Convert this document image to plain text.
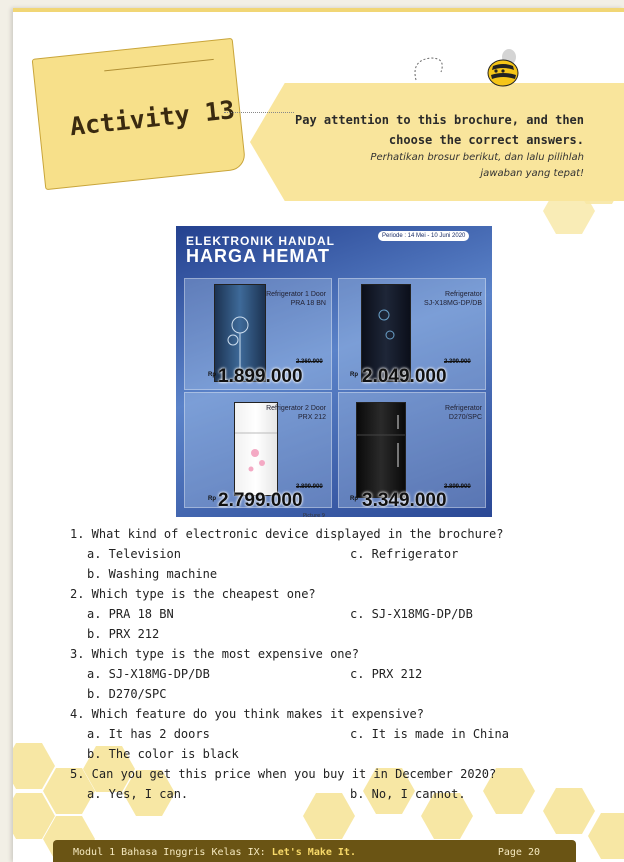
Activity 13	Pay attention to this brochure, and then
choose the correct answers.
Perhatikan brosur berikut, dan lalu pilihlah
jawaban yang tepat!
ELEKTRONIK HANDAL
HARGA HEMAT
Periode : 14 Mei - 10 Juni 2020
Refrigerator 1 Door
PRA 18 BN
2.360.900
Rp 1.899.000
Refrigerator
SJ-X18MG-DP/DB
2.399.900
Rp 2.049.000
Refrigerator 2 Door
PRX 212
3.899.900
Rp 2.799.000
Refrigerator
D270/SPC
3.899.900
Rp 3.349.000
Picture 9
1. What kind of electronic device displayed in the brochure?
a. Television	c. Refrigerator
b. Washing machine
2. Which type is the cheapest one?
a. PRA 18 BN	c. SJ-X18MG-DP/DB
b. PRX 212
3. Which type is the most expensive one?
a. SJ-X18MG-DP/DB	c. PRX 212
b. D270/SPC
4. Which feature do you think makes it expensive?
a. It has 2 doors	c. It is made in China
b. The color is black
5. Can you get this price when you buy it in December 2020?
a. Yes, I can.	b. No, I cannot.
Modul 1 Bahasa Inggris Kelas IX: Let's Make It.	Page 20
